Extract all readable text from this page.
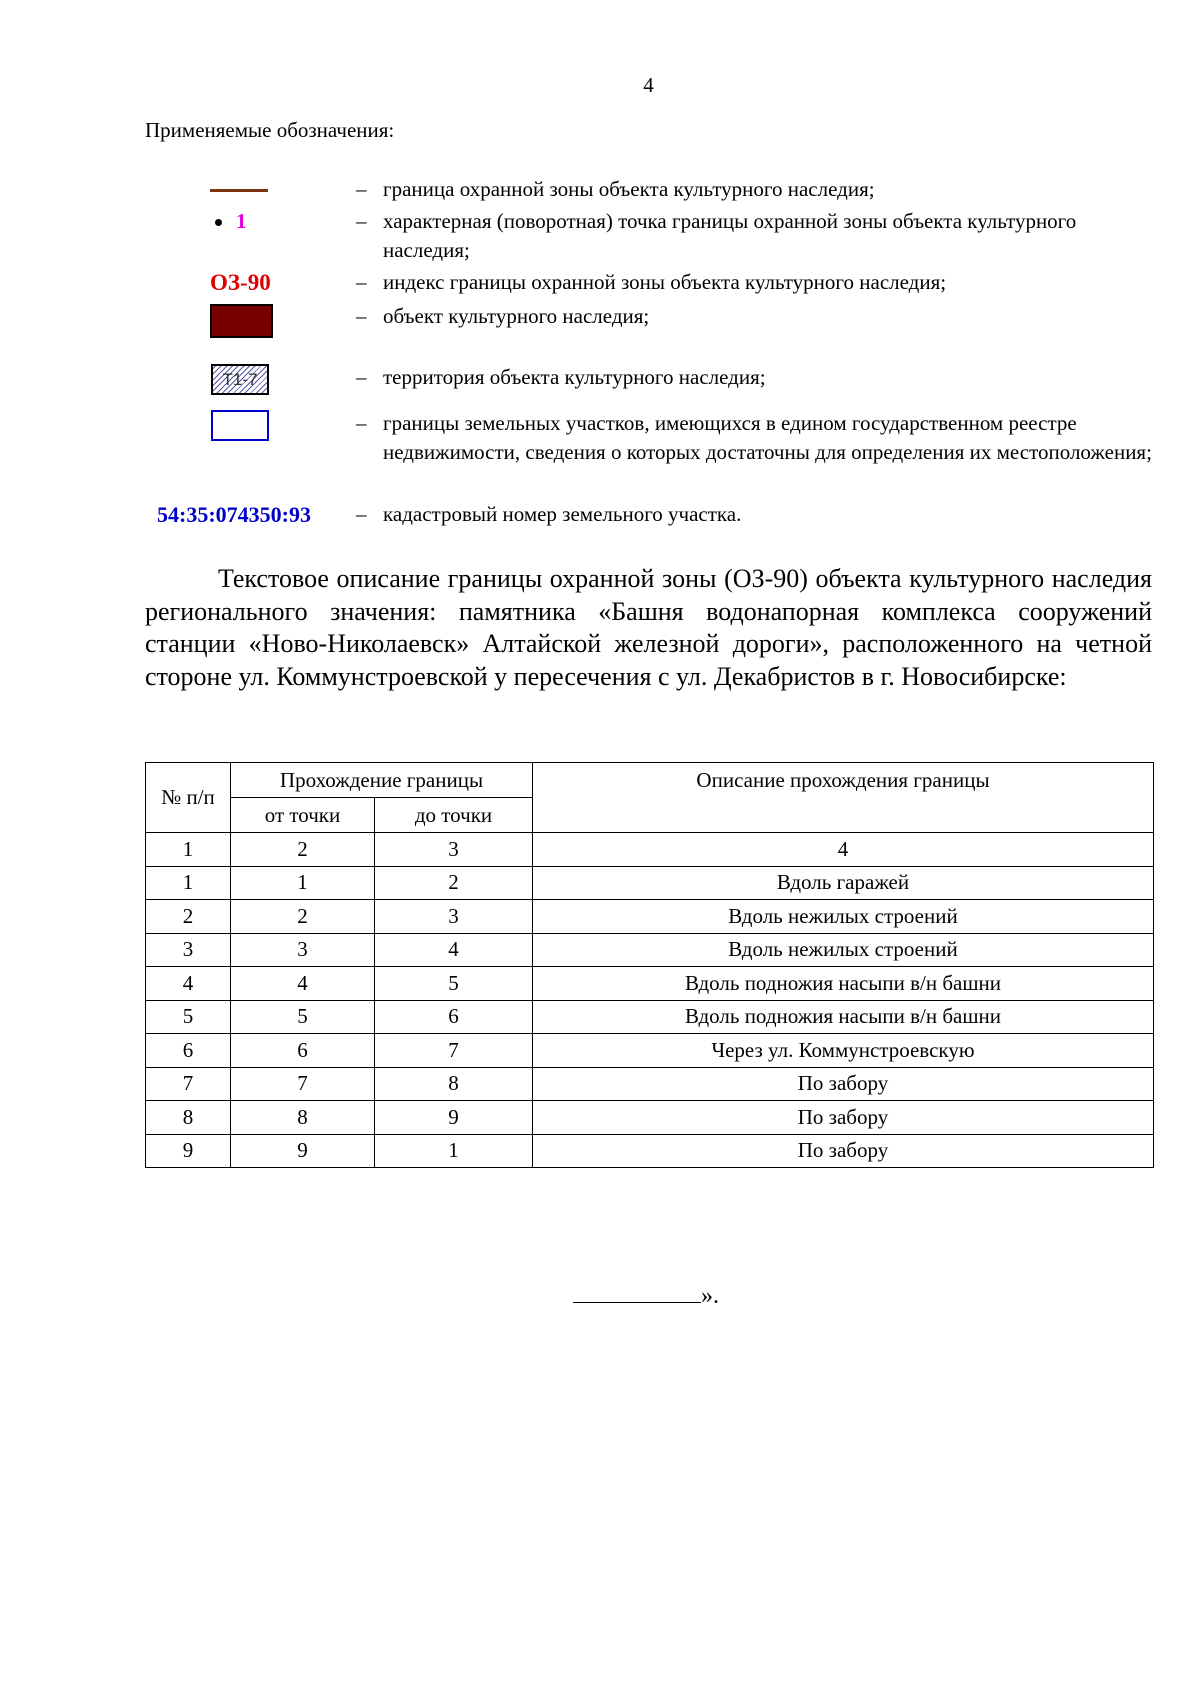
4
Применяемые обозначения:
– граница охранной зоны объекта культурного наследия;
1	– характерная (поворотная) точка границы охранной зоны объекта культурного наследия;
ОЗ-90	– индекс границы охранной зоны объекта культурного наследия;
– объект культурного наследия;
Т1-7	– территория объекта культурного наследия;
– границы земельных участков, имеющихся в едином государственном реестре недвижимости, сведения о которых достаточны для определения их местоположения;
54:35:074350:93 – кадастровый номер земельного участка.
Текстовое описание границы охранной зоны (ОЗ-90) объекта культурного наследия регионального значения: памятника «Башня водонапорная комплекса сооружений станции «Ново-Николаевск» Алтайской железной дороги», расположенного на четной стороне ул. Коммунстроевской у пересечения с ул. Декабристов в г. Новосибирске:
№ п/п	Прохождение границы		Описание прохождения границы
	от точки	до точки	
1	2	3	4
1	1	2	Вдоль гаражей
2	2	3	Вдоль нежилых строений
3	3	4	Вдоль нежилых строений
4	4	5	Вдоль подножия насыпи в/н башни
5	5	6	Вдоль подножия насыпи в/н башни
6	6	7	Через ул. Коммунстроевскую
7	7	8	По забору
8	8	9	По забору
9	9	1	По забору
».
